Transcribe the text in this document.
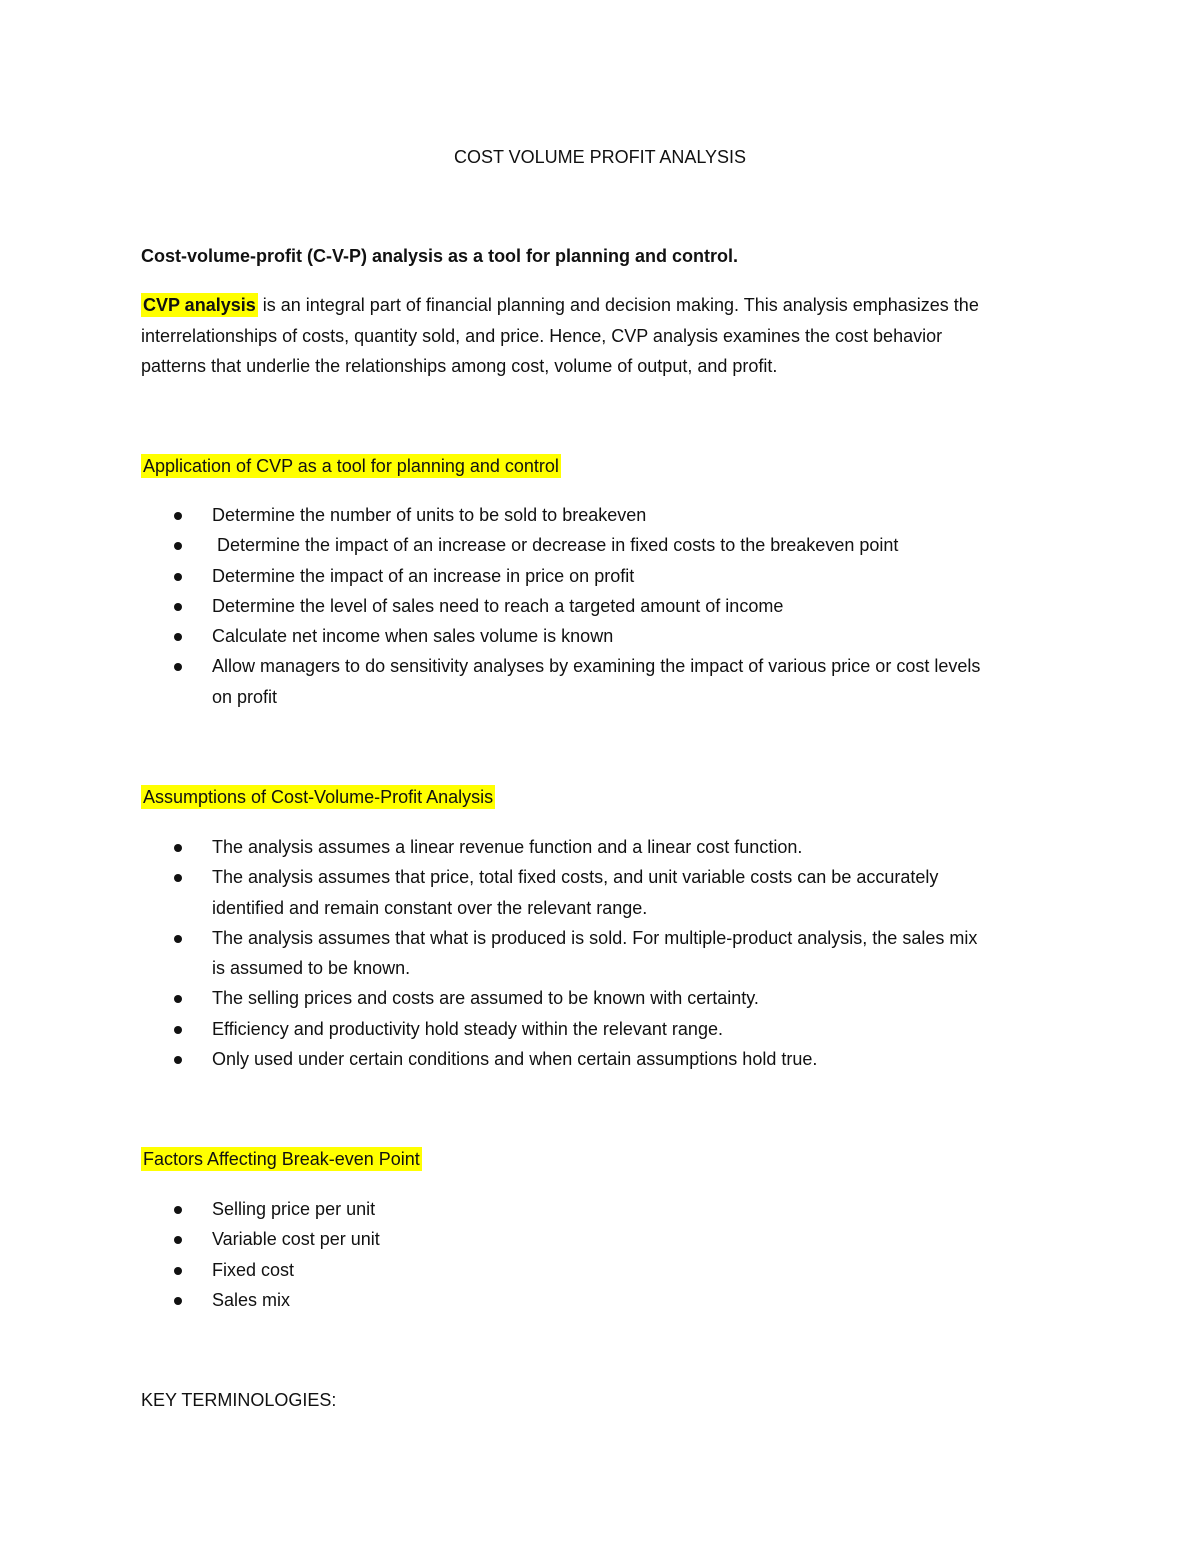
COST VOLUME PROFIT ANALYSIS

Cost-volume-profit (C-V-P) analysis as a tool for planning and control.

CVP analysis is an integral part of financial planning and decision making. This analysis emphasizes the
interrelationships of costs, quantity sold, and price. Hence, CVP analysis examines the cost behavior
patterns that underlie the relationships among cost, volume of output, and profit.

Application of CVP as a tool for planning and control

Determine the number of units to be sold to breakeven
Determine the impact of an increase or decrease in fixed costs to the breakeven point
Determine the impact of an increase in price on profit
Determine the level of sales need to reach a targeted amount of income
Calculate net income when sales volume is known
Allow managers to do sensitivity analyses by examining the impact of various price or cost levels
on profit

Assumptions of Cost-Volume-Profit Analysis

The analysis assumes a linear revenue function and a linear cost function.
The analysis assumes that price, total fixed costs, and unit variable costs can be accurately
identified and remain constant over the relevant range.
The analysis assumes that what is produced is sold. For multiple-product analysis, the sales mix
is assumed to be known.
The selling prices and costs are assumed to be known with certainty.
Efficiency and productivity hold steady within the relevant range.
Only used under certain conditions and when certain assumptions hold true.

Factors Affecting Break-even Point

Selling price per unit
Variable cost per unit
Fixed cost
Sales mix

KEY TERMINOLOGIES:
